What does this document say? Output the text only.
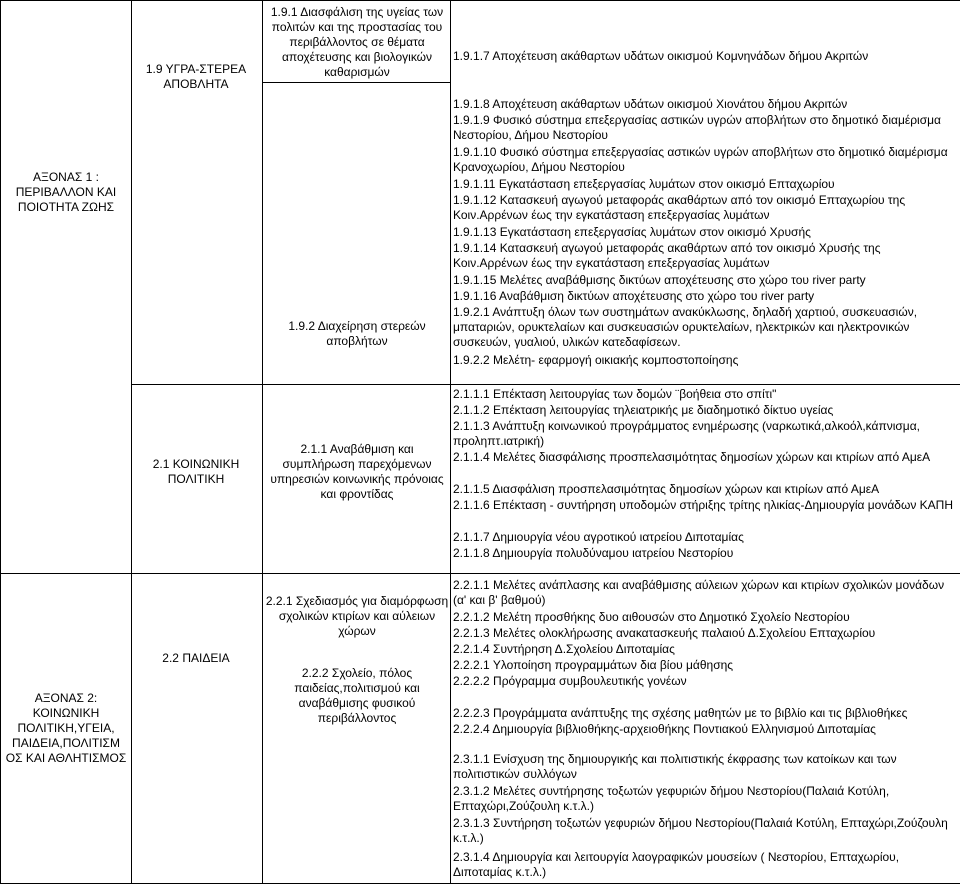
ΑΞΟΝΑΣ 1 : ΠΕΡΙΒΑΛΛΟΝ ΚΑΙ ΠΟΙΟΤΗΤΑ ΖΩΗΣ
ΑΞΟΝΑΣ 2: ΚΟΙΝΩΝΙΚΗ ΠΟΛΙΤΙΚΗ,ΥΓΕΙΑ, ΠΑΙΔΕΙΑ,ΠΟΛΙΤΙΣΜ ΟΣ ΚΑΙ ΑΘΛΗΤΙΣΜΟΣ
1.9 ΥΓΡΑ-ΣΤΕΡΕΑ ΑΠΟΒΛΗΤΑ
2.1 ΚΟΙΝΩΝΙΚΗ ΠΟΛΙΤΙΚΗ
2.2 ΠΑΙΔΕΙΑ
1.9.1 Διασφάλιση της υγείας των πολιτών και της προστασίας του περιβάλλοντος σε θέματα αποχέτευσης και βιολογικών καθαρισμών
1.9.2 Διαχείρηση στερεών αποβλήτων
2.1.1 Αναβάθμιση και συμπλήρωση παρεχόμενων υπηρεσιών κοινωνικής πρόνοιας και φροντίδας
2.2.1 Σχεδιασμός για διαμόρφωση σχολικών κτιρίων και αύλειων χώρων
2.2.2 Σχολείο, πόλος παιδείας,πολιτισμού και αναβάθμισης φυσικού περιβάλλοντος
1.9.1.7 Αποχέτευση ακάθαρτων υδάτων οικισμού Κομνηνάδων δήμου Ακριτών
1.9.1.8 Αποχέτευση ακάθαρτων υδάτων οικισμού Χιονάτου δήμου Ακριτών
1.9.1.9 Φυσικό σύστημα επεξεργασίας αστικών υγρών αποβλήτων στο δημοτικό διαμέρισμα Νεστορίου, Δήμου Νεστορίου
1.9.1.10 Φυσικό σύστημα επεξεργασίας αστικών υγρών αποβλήτων στο δημοτικό διαμέρισμα Κρανοχωρίου, Δήμου Νεστορίου
1.9.1.11 Εγκατάσταση επεξεργασίας λυμάτων στον οικισμό Επταχωρίου
1.9.1.12 Κατασκευή αγωγού μεταφοράς ακαθάρτων από τον οικισμό Επταχωρίου της Κοιν.Αρρένων έως την εγκατάσταση επεξεργασίας λυμάτων
1.9.1.13 Εγκατάσταση επεξεργασίας λυμάτων στον οικισμό Χρυσής
1.9.1.14 Κατασκευή αγωγού μεταφοράς ακαθάρτων από τον οικισμό Χρυσής της Κοιν.Αρρένων έως την εγκατάσταση επεξεργασίας λυμάτων
1.9.1.15 Μελέτες αναβάθμισης δικτύων αποχέτευσης στο χώρο του river party
1.9.1.16 Αναβάθμιση δικτύων αποχέτευσης στο χώρο του river party
1.9.2.1 Ανάπτυξη όλων των συστημάτων ανακύκλωσης, δηλαδή χαρτιού, συσκευασιών, μπαταριών, ορυκτελαίων και συσκευασιών ορυκτελαίων, ηλεκτρικών και ηλεκτρονικών συσκευών, γυαλιού, υλικών κατεδαφίσεων.
1.9.2.2 Μελέτη- εφαρμογή οικιακής κομποστοποίησης
2.1.1.1 Επέκταση λειτουργίας των δομών ¨βοήθεια στο σπίτι"
2.1.1.2 Επέκταση λειτουργίας τηλειατρικής με διαδημοτικό δίκτυο υγείας
2.1.1.3 Ανάπτυξη κοινωνικού προγράμματος ενημέρωσης (ναρκωτικά,αλκοόλ,κάπνισμα, προληπτ.ιατρική)
2.1.1.4 Μελέτες διασφάλισης προσπελασιμότητας δημοσίων χώρων και κτιρίων από ΑμεΑ
2.1.1.5 Διασφάλιση προσπελασιμότητας δημοσίων χώρων και κτιρίων από ΑμεΑ
2.1.1.6 Επέκταση - συντήρηση υποδομών στήριξης τρίτης ηλικίας-Δημιουργία μονάδων ΚΑΠΗ
2.1.1.7 Δημιουργία νέου αγροτικού ιατρείου Διποταμίας
2.1.1.8 Δημιουργία πολυδύναμου ιατρείου Νεστορίου
2.2.1.1 Μελέτες ανάπλασης και αναβάθμισης αύλειων χώρων και κτιρίων σχολικών μονάδων (α' και β' βαθμού)
2.2.1.2 Μελέτη προσθήκης δυο αιθουσών στο Δημοτικό Σχολείο Νεστορίου
2.2.1.3 Μελέτες ολοκλήρωσης ανακατασκευής παλαιού Δ.Σχολείου Επταχωρίου
2.2.1.4 Συντήρηση Δ.Σχολείου Διποταμίας
2.2.2.1 Υλοποίηση προγραμμάτων δια βίου μάθησης
2.2.2.2 Πρόγραμμα συμβουλευτικής γονέων
2.2.2.3 Προγράμματα ανάπτυξης της σχέσης μαθητών με το βιβλίο και τις βιβλιοθήκες
2.2.2.4 Δημιουργία βιβλιοθήκης-αρχειοθήκης Ποντιακού Ελληνισμού Διποταμίας
2.3.1.1 Ενίσχυση της δημιουργικής και πολιτιστικής έκφρασης των κατοίκων και των πολιτιστικών συλλόγων
2.3.1.2 Μελέτες συντήρησης τοξωτών γεφυριών δήμου Νεστορίου(Παλαιά Κοτύλη, Επταχώρι,Ζούζουλη κ.τ.λ.)
2.3.1.3 Συντήρηση τοξωτών γεφυριών δήμου Νεστορίου(Παλαιά Κοτύλη, Επταχώρι,Ζούζουλη κ.τ.λ.)
2.3.1.4 Δημιουργία και λειτουργία λαογραφικών μουσείων ( Νεστορίου, Επταχωρίου, Διποταμίας κ.τ.λ.)
